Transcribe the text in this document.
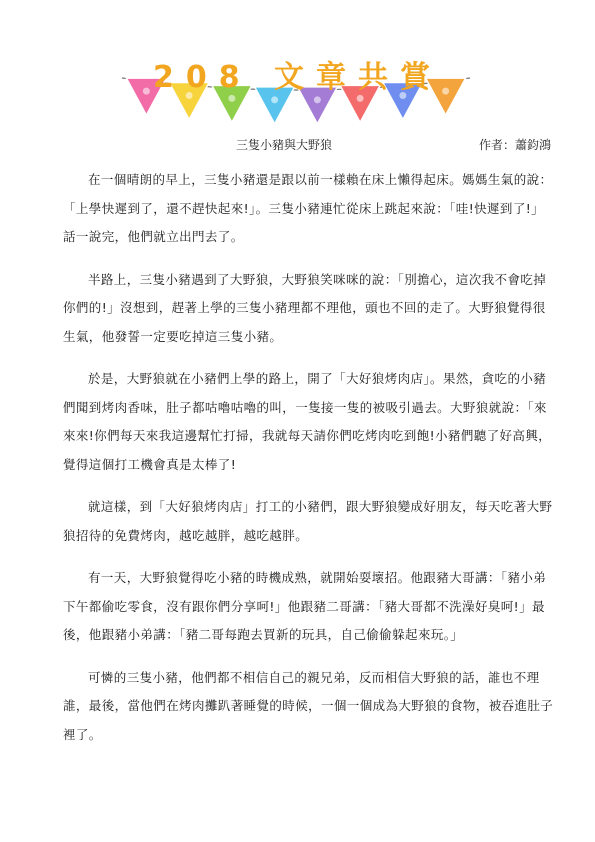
208 文章共賞
三隻小豬與大野狼	作者：蕭鈞鴻

在一個晴朗的早上，三隻小豬還是跟以前一樣賴在床上懶得起床。媽媽生氣的說：「上學快遲到了，還不趕快起來!」。三隻小豬連忙從床上跳起來說：「哇!快遲到了!」話一說完，他們就立出門去了。

半路上，三隻小豬遇到了大野狼，大野狼笑咪咪的說：「別擔心，這次我不會吃掉你們的!」沒想到，趕著上學的三隻小豬理都不理他，頭也不回的走了。大野狼覺得很生氣，他發誓一定要吃掉這三隻小豬。

於是，大野狼就在小豬們上學的路上，開了「大好狼烤肉店」。果然，貪吃的小豬們聞到烤肉香味，肚子都咕嚕咕嚕的叫，一隻接一隻的被吸引過去。大野狼就說：「來來來!你們每天來我這邊幫忙打掃，我就每天請你們吃烤肉吃到飽!小豬們聽了好高興，覺得這個打工機會真是太棒了!

就這樣，到「大好狼烤肉店」打工的小豬們，跟大野狼變成好朋友，每天吃著大野狼招待的免費烤肉，越吃越胖，越吃越胖。

有一天，大野狼覺得吃小豬的時機成熟，就開始耍壞招。他跟豬大哥講：「豬小弟下午都偷吃零食，沒有跟你們分享呵!」他跟豬二哥講：「豬大哥都不洗澡好臭呵!」最後，他跟豬小弟講：「豬二哥每跑去買新的玩具，自己偷偷躲起來玩。」

可憐的三隻小豬，他們都不相信自己的親兄弟，反而相信大野狼的話，誰也不理誰，最後，當他們在烤肉攤趴著睡覺的時候，一個一個成為大野狼的食物，被吞進肚子裡了。
